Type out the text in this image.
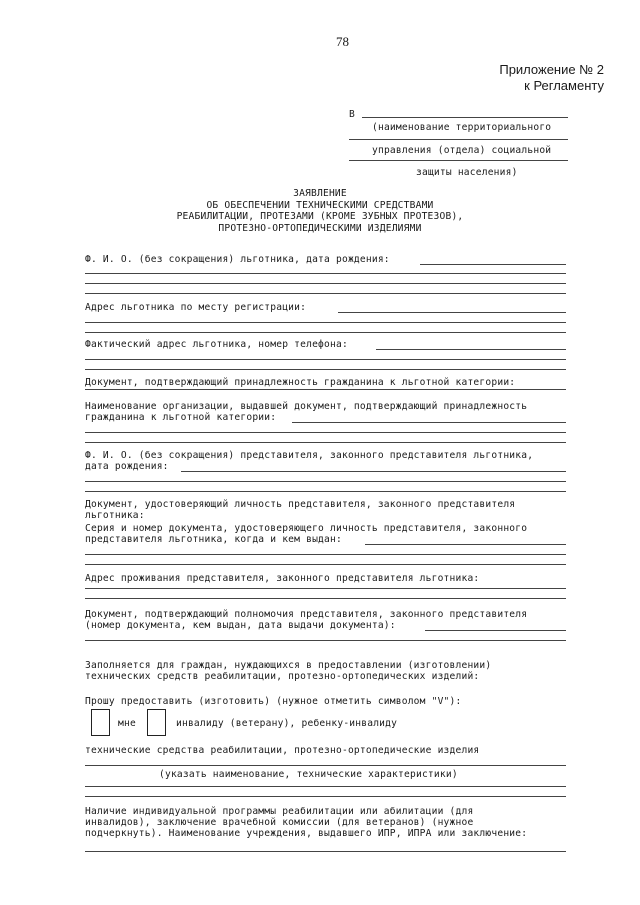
78
Приложение № 2
к Регламенту
В
(наименование территориального
управления (отдела) социальной
защиты населения)
ЗАЯВЛЕНИЕ
ОБ ОБЕСПЕЧЕНИИ ТЕХНИЧЕСКИМИ СРЕДСТВАМИ
РЕАБИЛИТАЦИИ, ПРОТЕЗАМИ (КРОМЕ ЗУБНЫХ ПРОТЕЗОВ),
ПРОТЕЗНО-ОРТОПЕДИЧЕСКИМИ ИЗДЕЛИЯМИ
Ф. И. О. (без сокращения) льготника, дата рождения:
Адрес льготника по месту регистрации:
Фактический адрес льготника, номер телефона:
Документ, подтверждающий принадлежность гражданина к льготной категории:
Наименование организации, выдавшей документ, подтверждающий принадлежность
гражданина к льготной категории:
Ф. И. О. (без сокращения) представителя, законного представителя льготника,
дата рождения:
Документ, удостоверяющий личность представителя, законного представителя
льготника:
Серия и номер документа, удостоверяющего личность представителя, законного
представителя льготника, когда и кем выдан:
Адрес проживания представителя, законного представителя льготника:
Документ, подтверждающий полномочия представителя, законного представителя
(номер документа, кем выдан, дата выдачи документа):
Заполняется для граждан, нуждающихся в предоставлении (изготовлении)
технических средств реабилитации, протезно-ортопедических изделий:
Прошу предоставить (изготовить) (нужное отметить символом "V"):
мне	инвалиду (ветерану), ребенку-инвалиду
технические средства реабилитации, протезно-ортопедические изделия
(указать наименование, технические характеристики)
Наличие индивидуальной программы реабилитации или абилитации (для
инвалидов), заключение врачебной комиссии (для ветеранов) (нужное
подчеркнуть). Наименование учреждения, выдавшего ИПР, ИПРА или заключение:
